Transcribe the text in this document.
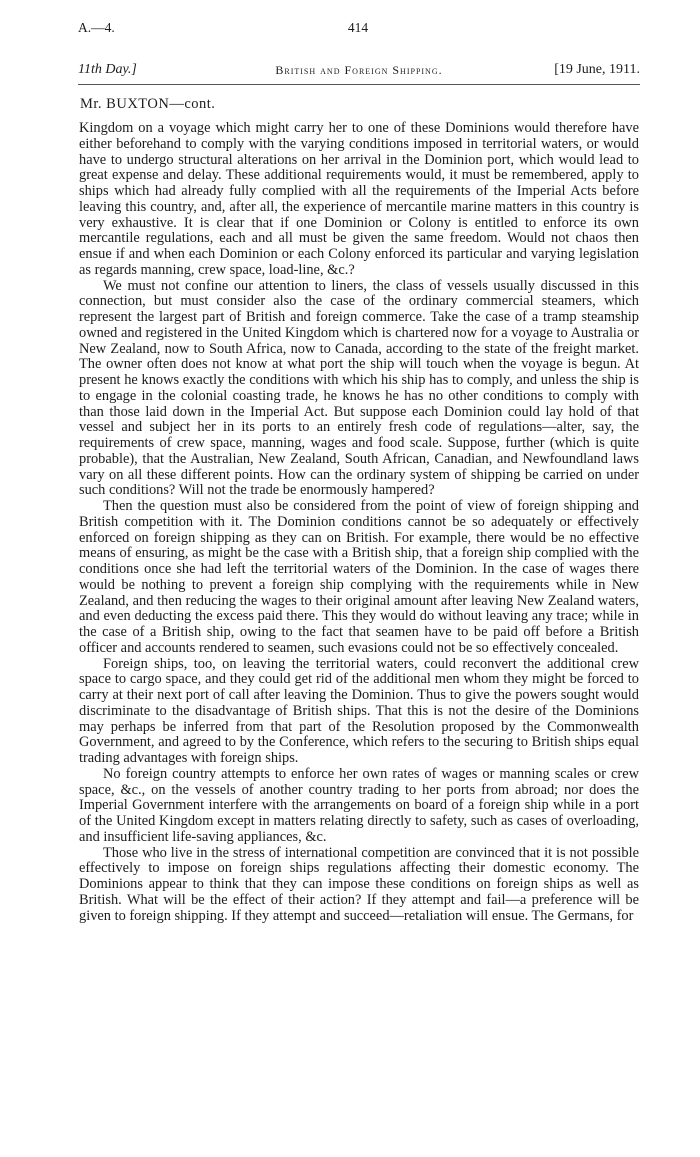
A.—4.	414
11th Day.]	British and Foreign Shipping.	[19 June, 1911.
Mr. BUXTON—cont.

Kingdom on a voyage which might carry her to one of these Dominions would therefore have either beforehand to comply with the varying conditions imposed in territorial waters, or would have to undergo structural alterations on her arrival in the Dominion port, which would lead to great expense and delay. These additional requirements would, it must be remembered, apply to ships which had already fully complied with all the requirements of the Imperial Acts before leaving this country, and, after all, the experience of mercantile marine matters in this country is very exhaustive. It is clear that if one Dominion or Colony is entitled to enforce its own mercantile regulations, each and all must be given the same freedom. Would not chaos then ensue if and when each Dominion or each Colony enforced its particular and varying legislation as regards manning, crew space, load-line, &c.?

We must not confine our attention to liners, the class of vessels usually discussed in this connection, but must consider also the case of the ordinary commercial steamers, which represent the largest part of British and foreign commerce. Take the case of a tramp steamship owned and registered in the United Kingdom which is chartered now for a voyage to Australia or New Zealand, now to South Africa, now to Canada, according to the state of the freight market. The owner often does not know at what port the ship will touch when the voyage is begun. At present he knows exactly the conditions with which his ship has to comply, and unless the ship is to engage in the colonial coasting trade, he knows he has no other conditions to comply with than those laid down in the Imperial Act. But suppose each Dominion could lay hold of that vessel and subject her in its ports to an entirely fresh code of regulations—alter, say, the requirements of crew space, manning, wages and food scale. Suppose, further (which is quite probable), that the Australian, New Zealand, South African, Canadian, and Newfoundland laws vary on all these different points. How can the ordinary system of shipping be carried on under such conditions? Will not the trade be enormously hampered?

Then the question must also be considered from the point of view of foreign shipping and British competition with it. The Dominion conditions cannot be so adequately or effectively enforced on foreign shipping as they can on British. For example, there would be no effective means of ensuring, as might be the case with a British ship, that a foreign ship complied with the conditions once she had left the territorial waters of the Dominion. In the case of wages there would be nothing to prevent a foreign ship complying with the requirements while in New Zealand, and then reducing the wages to their original amount after leaving New Zealand waters, and even deducting the excess paid there. This they would do without leaving any trace; while in the case of a British ship, owing to the fact that seamen have to be paid off before a British officer and accounts rendered to seamen, such evasions could not be so effectively concealed.

Foreign ships, too, on leaving the territorial waters, could reconvert the additional crew space to cargo space, and they could get rid of the additional men whom they might be forced to carry at their next port of call after leaving the Dominion. Thus to give the powers sought would discriminate to the disadvantage of British ships. That this is not the desire of the Dominions may perhaps be inferred from that part of the Resolution proposed by the Commonwealth Government, and agreed to by the Conference, which refers to the securing to British ships equal trading advantages with foreign ships.

No foreign country attempts to enforce her own rates of wages or manning scales or crew space, &c., on the vessels of another country trading to her ports from abroad; nor does the Imperial Government interfere with the arrangements on board of a foreign ship while in a port of the United Kingdom except in matters relating directly to safety, such as cases of overloading, and insufficient life-saving appliances, &c.

Those who live in the stress of international competition are convinced that it is not possible effectively to impose on foreign ships regulations affecting their domestic economy. The Dominions appear to think that they can impose these conditions on foreign ships as well as British. What will be the effect of their action? If they attempt and fail—a preference will be given to foreign shipping. If they attempt and succeed—retaliation will ensue. The Germans, for
